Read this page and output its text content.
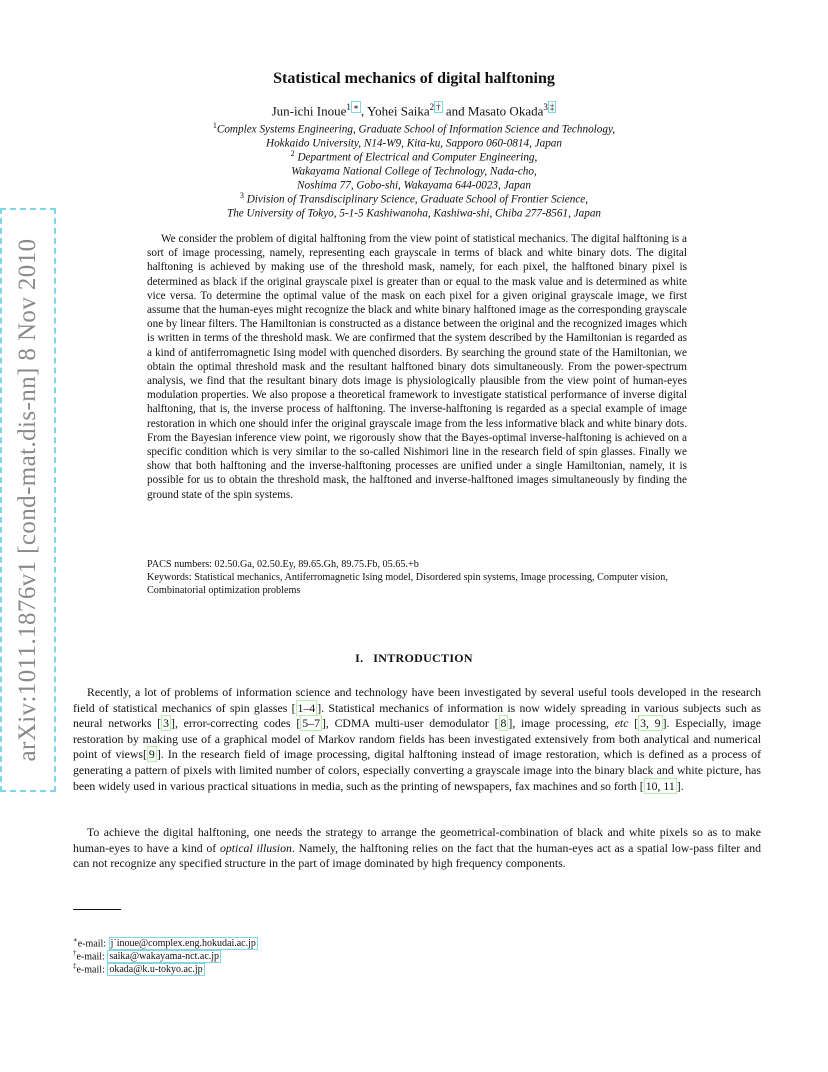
arXiv:1011.1876v1 [cond-mat.dis-nn] 8 Nov 2010
Statistical mechanics of digital halftoning
Jun-ichi Inoue$^1$ ∗ , Yohei Saika$^2$ † and Masato Okada$^3$ ‡
$^1$Complex Systems Engineering, Graduate School of Information Science and Technology,
Hokkaido University, N14-W9, Kita-ku, Sapporo 060-0814, Japan
$^2$ Department of Electrical and Computer Engineering,
Wakayama National College of Technology, Nada-cho,
Noshima 77, Gobo-shi, Wakayama 644-0023, Japan
$^3$ Division of Transdisciplinary Science, Graduate School of Frontier Science,
The University of Tokyo, 5-1-5 Kashiwanoha, Kashiwa-shi, Chiba 277-8561, Japan

We consider the problem of digital halftoning from the view point of statistical mechanics. The digital halftoning is a sort of image processing, namely, representing each grayscale in terms of black and white binary dots. The digital halftoning is achieved by making use of the threshold mask, namely, for each pixel, the halftoned binary pixel is determined as black if the original grayscale pixel is greater than or equal to the mask value and is determined as white vice versa. To determine the optimal value of the mask on each pixel for a given original grayscale image, we first assume that the human-eyes might recognize the black and white binary halftoned image as the corresponding grayscale one by linear filters. The Hamiltonian is constructed as a distance between the original and the recognized images which is written in terms of the threshold mask. We are confirmed that the system described by the Hamiltonian is regarded as a kind of antiferromagnetic Ising model with quenched disorders. By searching the ground state of the Hamiltonian, we obtain the optimal threshold mask and the resultant halftoned binary dots simultaneously. From the power-spectrum analysis, we find that the resultant binary dots image is physiologically plausible from the view point of human-eyes modulation properties. We also propose a theoretical framework to investigate statistical performance of inverse digital halftoning, that is, the inverse process of halftoning. The inverse-halftoning is regarded as a special example of image restoration in which one should infer the original grayscale image from the less informative black and white binary dots. From the Bayesian inference view point, we rigorously show that the Bayes-optimal inverse-halftoning is achieved on a specific condition which is very similar to the so-called Nishimori line in the research field of spin glasses. Finally we show that both halftoning and the inverse-halftoning processes are unified under a single Hamiltonian, namely, it is possible for us to obtain the threshold mask, the halftoned and inverse-halftoned images simultaneously by finding the ground state of the spin systems.

PACS numbers: 02.50.Ga, 02.50.Ey, 89.65.Gh, 89.75.Fb, 05.65.+b

Keywords: Statistical mechanics, Antiferromagnetic Ising model, Disordered spin systems, Image processing, Computer vision, Combinatorial optimization problems

I. INTRODUCTION

Recently, a lot of problems of information science and technology have been investigated by several useful tools developed in the research field of statistical mechanics of spin glasses [ 1–4 ]. Statistical mechanics of information is now widely spreading in various subjects such as neural networks [ 3 ], error-correcting codes [ 5–7 ], CDMA multi-user demodulator [ 8 ], image processing, etc [ 3, 9 ]. Especially, image restoration by making use of a graphical model of Markov random fields has been investigated extensively from both analytical and numerical point of views[ 9 ]. In the research field of image processing, digital halftoning instead of image restoration, which is defined as a process of generating a pattern of pixels with limited number of colors, especially converting a grayscale image into the binary black and white picture, has been widely used in various practical situations in media, such as the printing of newspapers, fax machines and so forth [ 10, 11 ].

To achieve the digital halftoning, one needs the strategy to arrange the geometrical-combination of black and white pixels so as to make human-eyes to have a kind of optical illusion. Namely, the halftoning relies on the fact that the human-eyes act as a spatial low-pass filter and can not recognize any specified structure in the part of image dominated by high frequency components.

∗e-mail: j˙inoue@complex.eng.hokudai.ac.jp
†e-mail: saika@wakayama-nct.ac.jp
‡e-mail: okada@k.u-tokyo.ac.jp
